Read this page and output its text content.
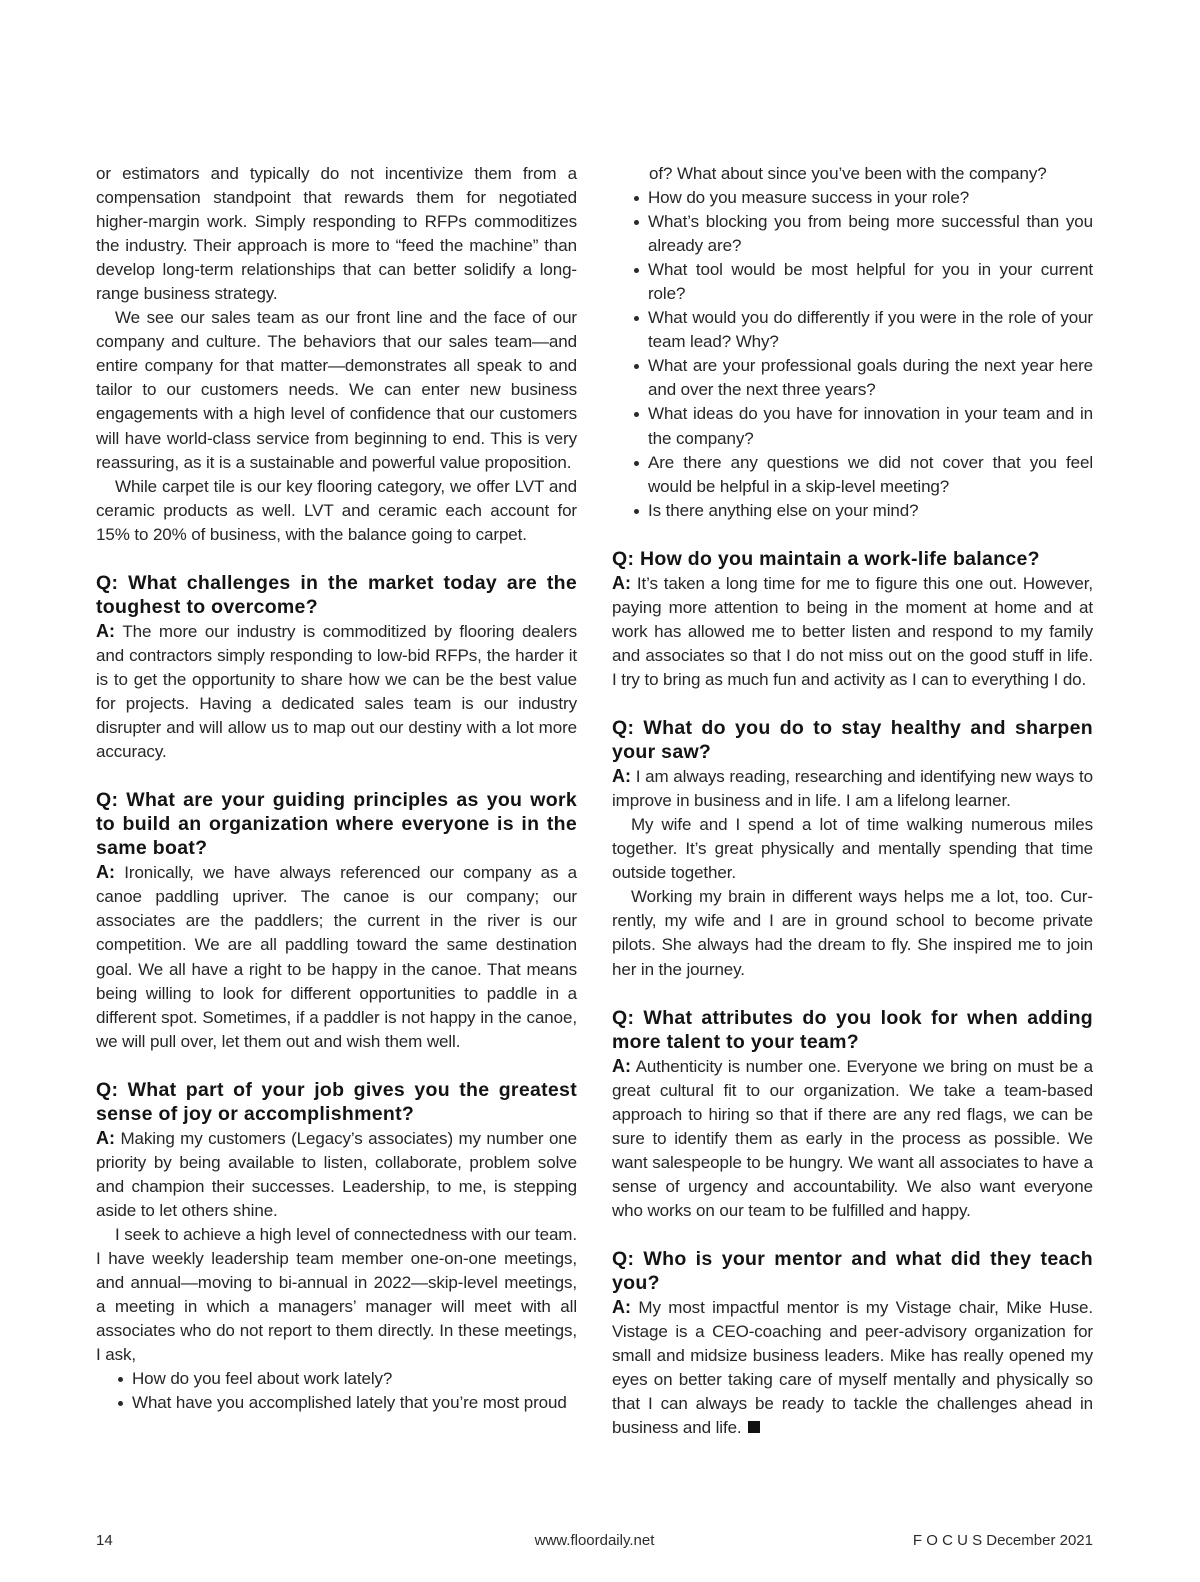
or estimators and typically do not incentivize them from a compensation standpoint that rewards them for negotiated higher-margin work. Simply responding to RFPs commoditizes the industry. Their approach is more to “feed the machine” than develop long-term relationships that can better solidify a long-range business strategy.

We see our sales team as our front line and the face of our company and culture. The behaviors that our sales team—and entire company for that matter—demonstrates all speak to and tailor to our customers needs. We can enter new business engagements with a high level of confidence that our customers will have world-class service from beginning to end. This is very reassuring, as it is a sustainable and powerful value proposition.

While carpet tile is our key flooring category, we offer LVT and ceramic products as well. LVT and ceramic each account for 15% to 20% of business, with the balance going to carpet.

Q: What challenges in the market today are the toughest to overcome?

A: The more our industry is commoditized by flooring dealers and contractors simply responding to low-bid RFPs, the harder it is to get the opportunity to share how we can be the best value for projects. Having a dedicated sales team is our industry disrupter and will allow us to map out our destiny with a lot more accuracy.

Q: What are your guiding principles as you work to build an organization where everyone is in the same boat?

A: Ironically, we have always referenced our company as a canoe paddling upriver. The canoe is our company; our associates are the paddlers; the current in the river is our competition. We are all paddling toward the same destination goal. We all have a right to be happy in the canoe. That means being willing to look for different opportunities to paddle in a different spot. Sometimes, if a paddler is not happy in the canoe, we will pull over, let them out and wish them well.

Q: What part of your job gives you the greatest sense of joy or accomplishment?

A: Making my customers (Legacy’s associates) my number one priority by being available to listen, collaborate, problem solve and champion their successes. Leadership, to me, is stepping aside to let others shine.

I seek to achieve a high level of connectedness with our team. I have weekly leadership team member one-on-one meetings, and annual—moving to bi-annual in 2022—skip-level meetings, a meeting in which a managers’ manager will meet with all associates who do not report to them directly. In these meetings, I ask,

How do you feel about work lately?
What have you accomplished lately that you’re most proud

of? What about since you’ve been with the company?

How do you measure success in your role?
What’s blocking you from being more successful than you already are?
What tool would be most helpful for you in your current role?
What would you do differently if you were in the role of your team lead? Why?
What are your professional goals during the next year here and over the next three years?
What ideas do you have for innovation in your team and in the company?
Are there any questions we did not cover that you feel would be helpful in a skip-level meeting?
Is there anything else on your mind?
Q: How do you maintain a work-life balance?

A: It’s taken a long time for me to figure this one out. However, paying more attention to being in the moment at home and at work has allowed me to better listen and respond to my family and associates so that I do not miss out on the good stuff in life. I try to bring as much fun and activity as I can to everything I do.

Q: What do you do to stay healthy and sharpen your saw?

A: I am always reading, researching and identifying new ways to improve in business and in life. I am a lifelong learner.

My wife and I spend a lot of time walking numerous miles together. It’s great physically and mentally spending that time outside together.

Working my brain in different ways helps me a lot, too. Currently, my wife and I are in ground school to become private pilots. She always had the dream to fly. She inspired me to join her in the journey.

Q: What attributes do you look for when adding more talent to your team?

A: Authenticity is number one. Everyone we bring on must be a great cultural fit to our organization. We take a team-based approach to hiring so that if there are any red flags, we can be sure to identify them as early in the process as possible. We want salespeople to be hungry. We want all associates to have a sense of urgency and accountability. We also want everyone who works on our team to be fulfilled and happy.

Q: Who is your mentor and what did they teach you?

A: My most impactful mentor is my Vistage chair, Mike Huse. Vistage is a CEO-coaching and peer-advisory organization for small and midsize business leaders. Mike has really opened my eyes on better taking care of myself mentally and physically so that I can always be ready to tackle the challenges ahead in business and life.

14	www.floordaily.net	F O C U S December 2021
